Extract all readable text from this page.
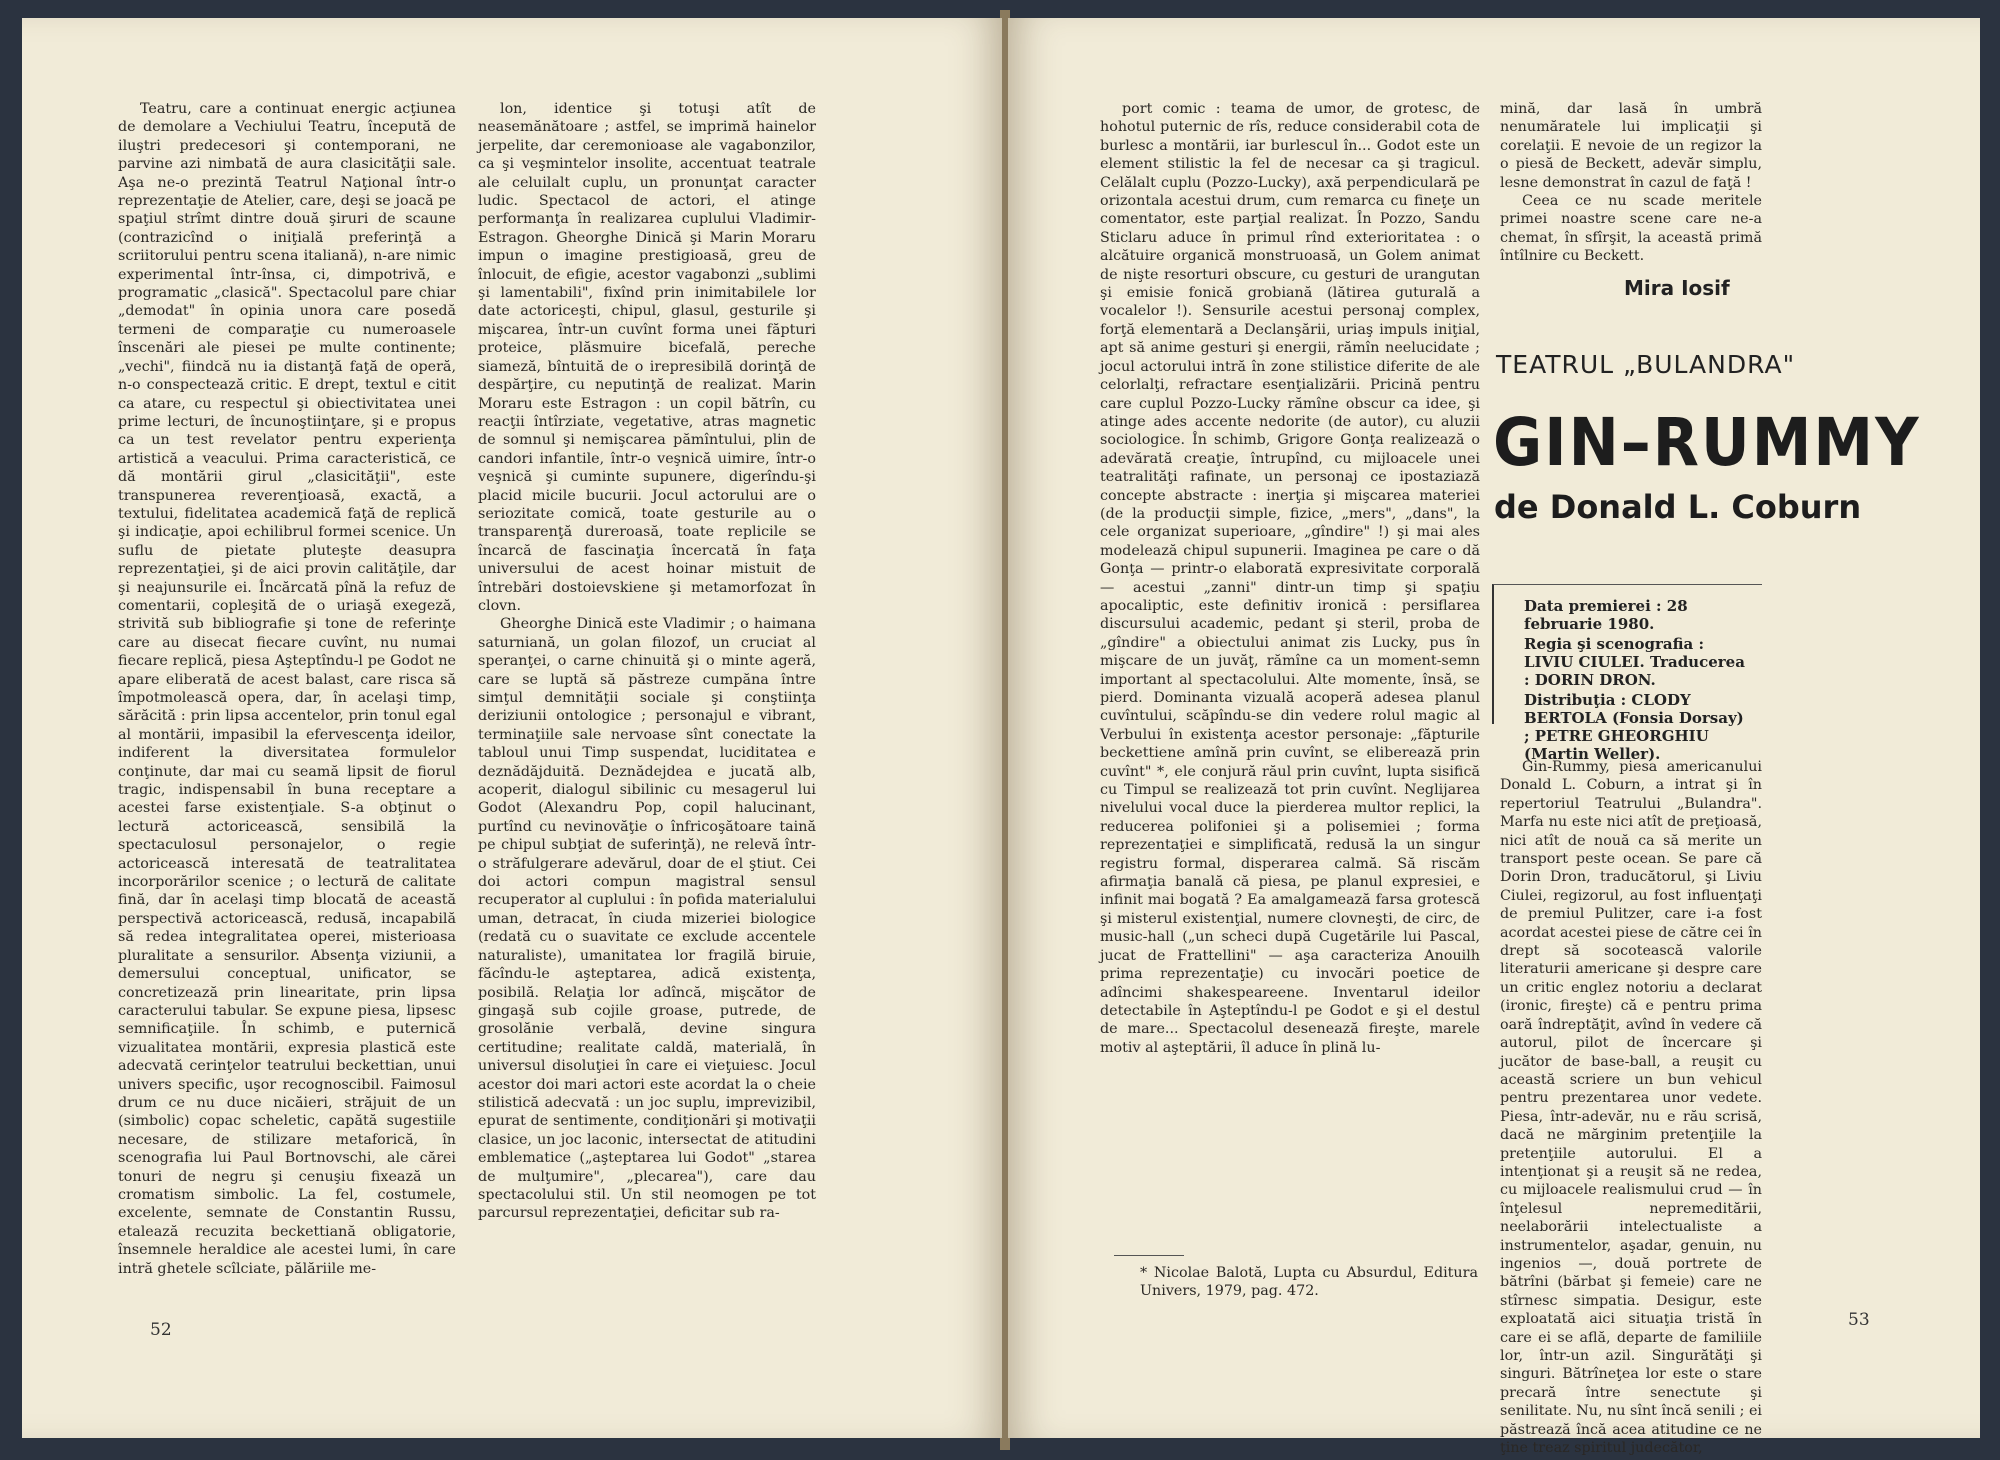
Teatru, care a continuat energic acţiunea de demolare a Vechiului Teatru, începută de iluştri predecesori şi contemporani, ne parvine azi nimbată de aura clasicităţii sale. Aşa ne-o prezintă Teatrul Naţional într-o reprezentaţie de Atelier, care, deşi se joacă pe spaţiul strîmt dintre două şiruri de scaune (contrazicînd o iniţială preferinţă a scriitorului pentru scena italiană), n-are nimic experimental într-însa, ci, dimpotrivă, e programatic „clasică". Spectacolul pare chiar „demodat" în opinia unora care posedă termeni de comparaţie cu numeroasele înscenări ale piesei pe multe continente; „vechi", fiindcă nu ia distanţă faţă de operă, n-o conspectează critic. E drept, textul e citit ca atare, cu respectul şi obiectivitatea unei prime lecturi, de încunoştiinţare, şi e propus ca un test revelator pentru experienţa artistică a veacului. Prima caracteristică, ce dă montării girul „clasicităţii", este transpunerea reverenţioasă, exactă, a textului, fidelitatea academică faţă de replică şi indicaţie, apoi echilibrul formei scenice. Un suflu de pietate pluteşte deasupra reprezentaţiei, şi de aici provin calităţile, dar şi neajunsurile ei. Încărcată pînă la refuz de comentarii, copleşită de o uriaşă exegeză, strivită sub bibliografie şi tone de referinţe care au disecat fiecare cuvînt, nu numai fiecare replică, piesa Aşteptîndu-l pe Godot ne apare eliberată de acest balast, care risca să împotmolească opera, dar, în acelaşi timp, sărăcită : prin lipsa accentelor, prin tonul egal al montării, impasibil la efervescenţa ideilor, indiferent la diversitatea formulelor conţinute, dar mai cu seamă lipsit de fiorul tragic, indispensabil în buna receptare a acestei farse existenţiale. S-a obţinut o lectură actoricească, sensibilă la spectaculosul personajelor, o regie actoricească interesată de teatralitatea incorporărilor scenice ; o lectură de calitate fină, dar în acelaşi timp blocată de această perspectivă actoricească, redusă, incapabilă să redea integralitatea operei, misterioasa pluralitate a sensurilor. Absenţa viziunii, a demersului conceptual, unificator, se concretizează prin linearitate, prin lipsa caracterului tabular. Se expune piesa, lipsesc semnificaţiile. În schimb, e puternică vizualitatea montării, expresia plastică este adecvată cerinţelor teatrului beckettian, unui univers specific, uşor recognoscibil. Faimosul drum ce nu duce nicăieri, străjuit de un (simbolic) copac scheletic, capătă sugestiile necesare, de stilizare metaforică, în scenografia lui Paul Bortnovschi, ale cărei tonuri de negru şi cenuşiu fixează un cromatism simbolic. La fel, costumele, excelente, semnate de Constantin Russu, etalează recuzita beckettiană obligatorie, însemnele heraldice ale acestei lumi, în care intră ghetele scîlciate, pălăriile me-

lon, identice şi totuşi atît de neasemănătoare ; astfel, se imprimă hainelor jerpelite, dar ceremonioase ale vagabonzilor, ca şi veşmintelor insolite, accentuat teatrale ale celuilalt cuplu, un pronunţat caracter ludic. Spectacol de actori, el atinge performanţa în realizarea cuplului Vladimir-Estragon. Gheorghe Dinică şi Marin Moraru impun o imagine prestigioasă, greu de înlocuit, de efigie, acestor vagabonzi „sublimi şi lamentabili", fixînd prin inimitabilele lor date actoriceşti, chipul, glasul, gesturile şi mişcarea, într-un cuvînt forma unei făpturi proteice, plăsmuire bicefală, pereche siameză, bîntuită de o irepresibilă dorinţă de despărţire, cu neputinţă de realizat. Marin Moraru este Estragon : un copil bătrîn, cu reacţii întîrziate, vegetative, atras magnetic de somnul şi nemişcarea pămîntului, plin de candori infantile, într-o veşnică uimire, într-o veşnică şi cuminte supunere, digerîndu-şi placid micile bucurii. Jocul actorului are o seriozitate comică, toate gesturile au o transparenţă dureroasă, toate replicile se încarcă de fascinaţia încercată în faţa universului de acest hoinar mistuit de întrebări dostoievskiene şi metamorfozat în clovn.

Gheorghe Dinică este Vladimir ; o haimana saturniană, un golan filozof, un cruciat al speranţei, o carne chinuită şi o minte ageră, care se luptă să păstreze cumpăna între simţul demnităţii sociale şi conştiinţa deriziunii ontologice ; personajul e vibrant, terminaţiile sale nervoase sînt conectate la tabloul unui Timp suspendat, luciditatea e deznădăjduită. Deznădejdea e jucată alb, acoperit, dialogul sibilinic cu mesagerul lui Godot (Alexandru Pop, copil halucinant, purtînd cu nevinovăţie o înfricoşătoare taină pe chipul subţiat de suferinţă), ne relevă într-o străfulgerare adevărul, doar de el ştiut. Cei doi actori compun magistral sensul recuperator al cuplului : în pofida materialului uman, detracat, în ciuda mizeriei biologice (redată cu o suavitate ce exclude accentele naturaliste), umanitatea lor fragilă biruie, făcîndu-le aşteptarea, adică existenţa, posibilă. Relaţia lor adîncă, mişcător de gingaşă sub cojile groase, putrede, de grosolănie verbală, devine singura certitudine; realitate caldă, materială, în universul disoluţiei în care ei vieţuiesc. Jocul acestor doi mari actori este acordat la o cheie stilistică adecvată : un joc suplu, imprevizibil, epurat de sentimente, condiţionări şi motivaţii clasice, un joc laconic, intersectat de atitudini emblematice („aşteptarea lui Godot" „starea de mulţumire", „plecarea"), care dau spectacolului stil. Un stil neomogen pe tot parcursul reprezentaţiei, deficitar sub ra-

52

port comic : teama de umor, de grotesc, de hohotul puternic de rîs, reduce considerabil cota de burlesc a montării, iar burlescul în... Godot este un element stilistic la fel de necesar ca şi tragicul. Celălalt cuplu (Pozzo-Lucky), axă perpendiculară pe orizontala acestui drum, cum remarca cu fineţe un comentator, este parţial realizat. În Pozzo, Sandu Sticlaru aduce în primul rînd exterioritatea : o alcătuire organică monstruoasă, un Golem animat de nişte resorturi obscure, cu gesturi de urangutan şi emisie fonică grobiană (lătirea guturală a vocalelor !). Sensurile acestui personaj complex, forţă elementară a Declanşării, uriaş impuls iniţial, apt să anime gesturi şi energii, rămîn neelucidate ; jocul actorului intră în zone stilistice diferite de ale celorlalţi, refractare esenţializării. Pricină pentru care cuplul Pozzo-Lucky rămîne obscur ca idee, şi atinge ades accente nedorite (de autor), cu aluzii sociologice. În schimb, Grigore Gonţa realizează o adevărată creaţie, întrupînd, cu mijloacele unei teatralităţi rafinate, un personaj ce ipostaziază concepte abstracte : inerţia şi mişcarea materiei (de la producţii simple, fizice, „mers", „dans", la cele organizat superioare, „gîndire" !) şi mai ales modelează chipul supunerii. Imaginea pe care o dă Gonţa — printr-o elaborată expresivitate corporală — acestui „zanni" dintr-un timp şi spaţiu apocaliptic, este definitiv ironică : persiflarea discursului academic, pedant şi steril, proba de „gîndire" a obiectului animat zis Lucky, pus în mişcare de un juvăţ, rămîne ca un moment-semn important al spectacolului. Alte momente, însă, se pierd. Dominanta vizuală acoperă adesea planul cuvîntului, scăpîndu-se din vedere rolul magic al Verbului în existenţa acestor personaje: „făpturile beckettiene amînă prin cuvînt, se eliberează prin cuvînt" *, ele conjură răul prin cuvînt, lupta sisifică cu Timpul se realizează tot prin cuvînt. Neglijarea nivelului vocal duce la pierderea multor replici, la reducerea polifoniei şi a polisemiei ; forma reprezentaţiei e simplificată, redusă la un singur registru formal, disperarea calmă. Să riscăm afirmaţia banală că piesa, pe planul expresiei, e infinit mai bogată ? Ea amalgamează farsa grotescă şi misterul existenţial, numere clovneşti, de circ, de music-hall („un scheci după Cugetările lui Pascal, jucat de Frattellini" — aşa caracteriza Anouilh prima reprezentaţie) cu invocări poetice de adîncimi shakespeareene. Inventarul ideilor detectabile în Aşteptîndu-l pe Godot e şi el destul de mare... Spectacolul desenează fireşte, marele motiv al aşteptării, îl aduce în plină lu-

* Nicolae Balotă, Lupta cu Absurdul, Editura Univers, 1979, pag. 472.

mină, dar lasă în umbră nenumăratele lui implicaţii şi corelaţii. E nevoie de un regizor la o piesă de Beckett, adevăr simplu, lesne demonstrat în cazul de faţă !

Ceea ce nu scade meritele primei noastre scene care ne-a chemat, în sfîrşit, la această primă întîlnire cu Beckett.

Mira Iosif
TEATRUL „BULANDRA"
GIN–RUMMY
de Donald L. Coburn

Data premierei : 28 februarie 1980.

Regia şi scenografia : LIVIU CIULEI. Traducerea : DORIN DRON.

Distribuţia : CLODY BERTOLA (Fonsia Dorsay) ; PETRE GHEORGHIU (Martin Weller).

Gin-Rummy, piesa americanului Donald L. Coburn, a intrat şi în repertoriul Teatrului „Bulandra". Marfa nu este nici atît de preţioasă, nici atît de nouă ca să merite un transport peste ocean. Se pare că Dorin Dron, traducătorul, şi Liviu Ciulei, regizorul, au fost influenţaţi de premiul Pulitzer, care i-a fost acordat acestei piese de către cei în drept să socotească valorile literaturii americane şi despre care un critic englez notoriu a declarat (ironic, fireşte) că e pentru prima oară îndreptăţit, avînd în vedere că autorul, pilot de încercare şi jucător de base-ball, a reuşit cu această scriere un bun vehicul pentru prezentarea unor vedete. Piesa, într-adevăr, nu e rău scrisă, dacă ne mărginim pretenţiile la pretenţiile autorului. El a intenţionat şi a reuşit să ne redea, cu mijloacele realismului crud — în înţelesul nepremeditării, neelaborării intelectualiste a instrumentelor, aşadar, genuin, nu ingenios —, două portrete de bătrîni (bărbat şi femeie) care ne stîrnesc simpatia. Desigur, este exploatată aici situaţia tristă în care ei se află, departe de familiile lor, într-un azil. Singurătăţi şi singuri. Bătrîneţea lor este o stare precară între senectute şi senilitate. Nu, nu sînt încă senili ; ei păstrează încă acea atitudine ce ne ţine treaz spiritul judecător,

53
